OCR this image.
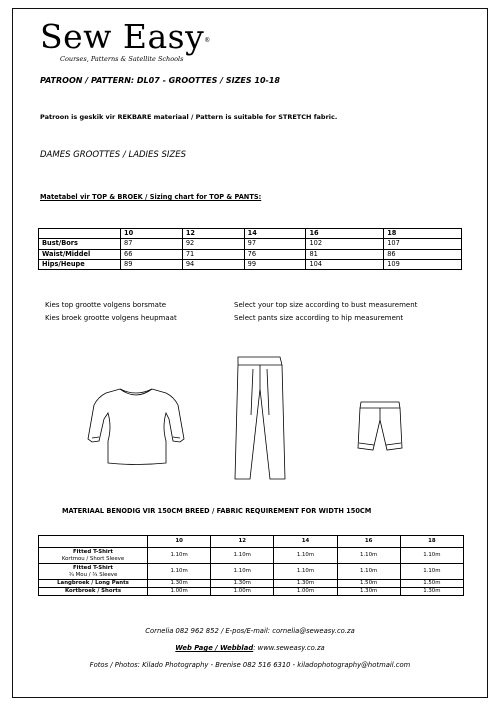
Sew Easy®
Courses, Patterns & Satellite Schools
PATROON / PATTERN: DL07 - GROOTTES / SIZES 10-18
Patroon is geskik vir REKBARE materiaal / Pattern is suitable for STRETCH fabric.
DAMES GROOTTES / LADIES SIZES
Matetabel vir TOP & BROEK / Sizing chart for TOP & PANTS:
	10	12	14	16	18
Bust/Bors	87	92	97	102	107
Waist/Middel	66	71	76	81	86
Hips/Heupe	89	94	99	104	109
Kies top grootte volgens borsmate
Kies broek grootte volgens heupmaat
Select your top size according to bust measurement
Select pants size according to hip measurement
MATERIAAL BENODIG VIR 150CM BREED / FABRIC REQUIREMENT FOR WIDTH 150CM
	10	12	14	16	18

Fitted T-Shirt
Kortmou / Short Sleeve	1.10m	1.10m	1.10m	1.10m	1.10m

Fitted T-Shirt
¾ Mou / ¾ Sleeve	1.10m	1.10m	1.10m	1.10m	1.10m
Langbroek / Long Pants	1.30m	1.30m	1.30m	1.50m	1.50m
Kortbroek / Shorts	1.00m	1.00m	1.00m	1.30m	1.30m
Cornelia 082 962 852 / E-pos/E-mail: cornelia@seweasy.co.za
Web Page / Webblad: www.seweasy.co.za
Fotos / Photos: Kilado Photography - Brenise 082 516 6310 - kiladophotography@hotmail.com
